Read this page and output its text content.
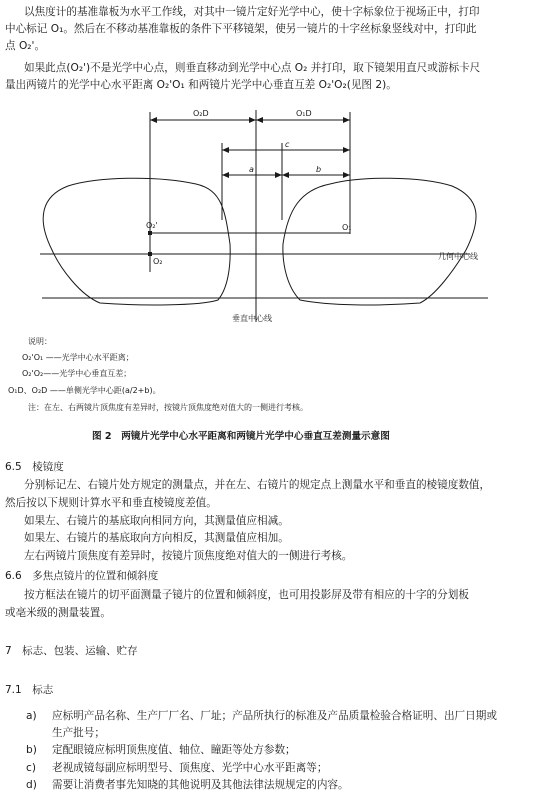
以焦度计的基准靠板为水平工作线，对其中一镜片定好光学中心，使十字标象位于视场正中，打印
中心标记 O₁。然后在不移动基准靠板的条件下平移镜架，使另一镜片的十字丝标象竖线对中，打印此
点 O₂'。
如果此点(O₂')不是光学中心点，则垂直移动到光学中心点 O₂ 并打印，取下镜架用直尺或游标卡尺
量出两镜片的光学中心水平距离 O₂'O₁ 和两镜片光学中心垂直互差 O₂'O₂(见图 2)。
O₂D	O₁D
c
a	b
O₂'
O₂
O₁
几何中心线
垂直中心线
说明：
O₂'O₁ ——光学中心水平距离；
O₂'O₂——光学中心垂直互差；
O₁D、O₂D ——单侧光学中心距(a/2+b)。
注：在左、右两镜片顶焦度有差异时，按镜片顶焦度绝对值大的一侧进行考核。
图 2　两镜片光学中心水平距离和两镜片光学中心垂直互差测量示意图
6.5　棱镜度
分别标记左、右镜片处方规定的测量点，并在左、右镜片的规定点上测量水平和垂直的棱镜度数值，
然后按以下规则计算水平和垂直棱镜度差值。
如果左、右镜片的基底取向相同方向，其测量值应相减。
如果左、右镜片的基底取向方向相反，其测量值应相加。
左右两镜片顶焦度有差异时，按镜片顶焦度绝对值大的一侧进行考核。
6.6　多焦点镜片的位置和倾斜度
按方框法在镜片的切平面测量子镜片的位置和倾斜度，也可用投影屏及带有相应的十字的分划板
或亳米级的测量装置。
7　标志、包装、运输、贮存
7.1　标志
a) 应标明产品名称、生产厂厂名、厂址；产品所执行的标准及产品质量检验合格证明、出厂日期或
生产批号；
b) 定配眼镜应标明顶焦度值、轴位、瞳距等处方参数；
c) 老视成镜每副应标明型号、顶焦度、光学中心水平距离等；
d) 需要让消费者事先知晓的其他说明及其他法律法规规定的内容。
